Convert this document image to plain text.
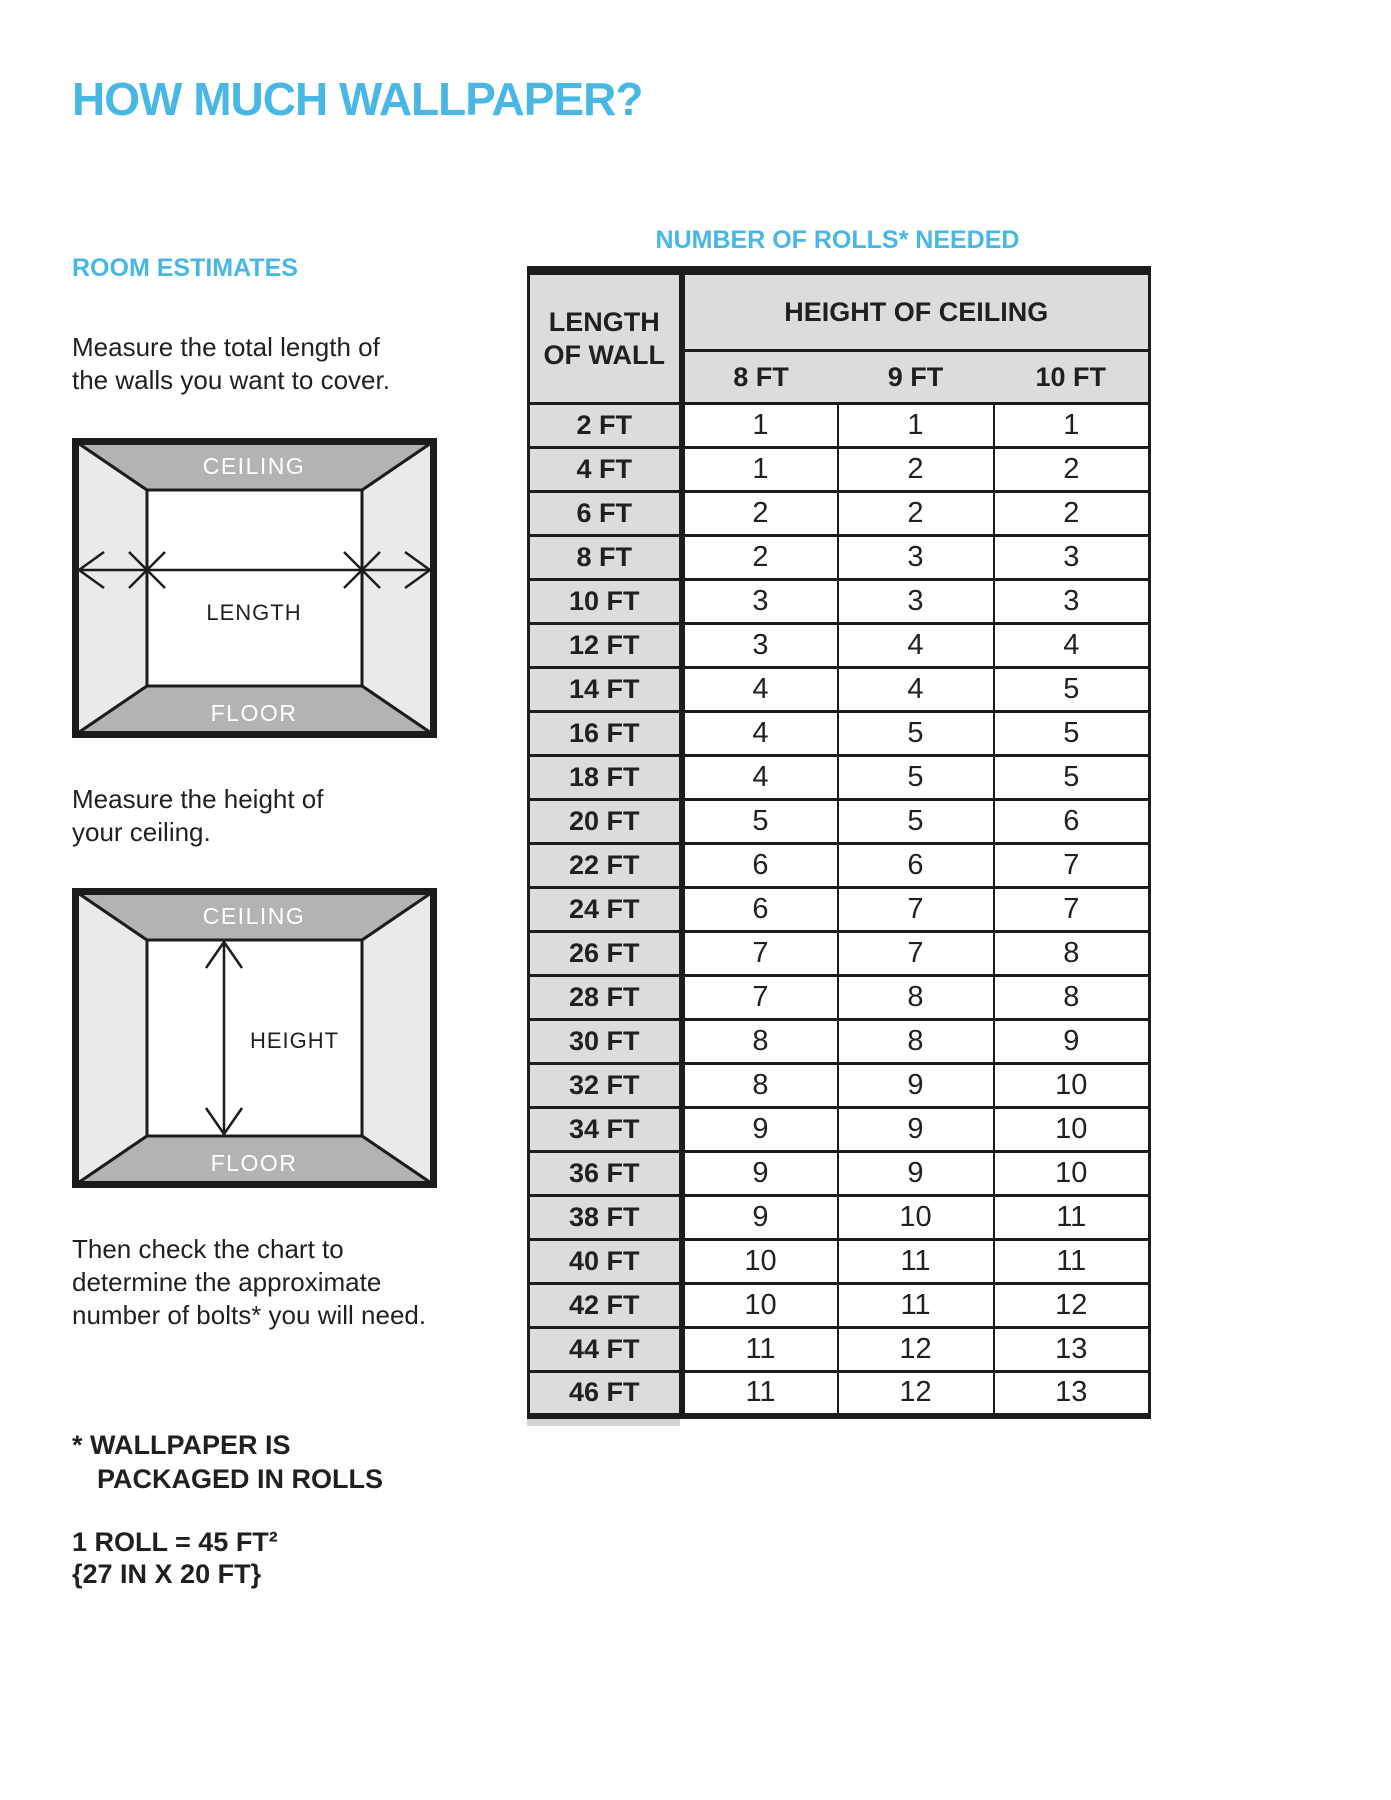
HOW MUCH WALLPAPER?
ROOM ESTIMATES
Measure the total length of
the walls you want to cover.
CEILING
FLOOR
LENGTH
Measure the height of
your ceiling.
CEILING
FLOOR
HEIGHT
Then check the chart to
determine the approximate
number of bolts* you will need.
* WALLPAPER IS
PACKAGED IN ROLLS
1 ROLL = 45 FT²
{27 IN X 20 FT}
NUMBER OF ROLLS* NEEDED
LENGTH
OF WALL	HEIGHT OF CEILING		
	8 FT	9 FT	10 FT
2 FT	1	1	1
4 FT	1	2	2
6 FT	2	2	2
8 FT	2	3	3
10 FT	3	3	3
12 FT	3	4	4
14 FT	4	4	5
16 FT	4	5	5
18 FT	4	5	5
20 FT	5	5	6
22 FT	6	6	7
24 FT	6	7	7
26 FT	7	7	8
28 FT	7	8	8
30 FT	8	8	9
32 FT	8	9	10
34 FT	9	9	10
36 FT	9	9	10
38 FT	9	10	11
40 FT	10	11	11
42 FT	10	11	12
44 FT	11	12	13
46 FT	11	12	13
